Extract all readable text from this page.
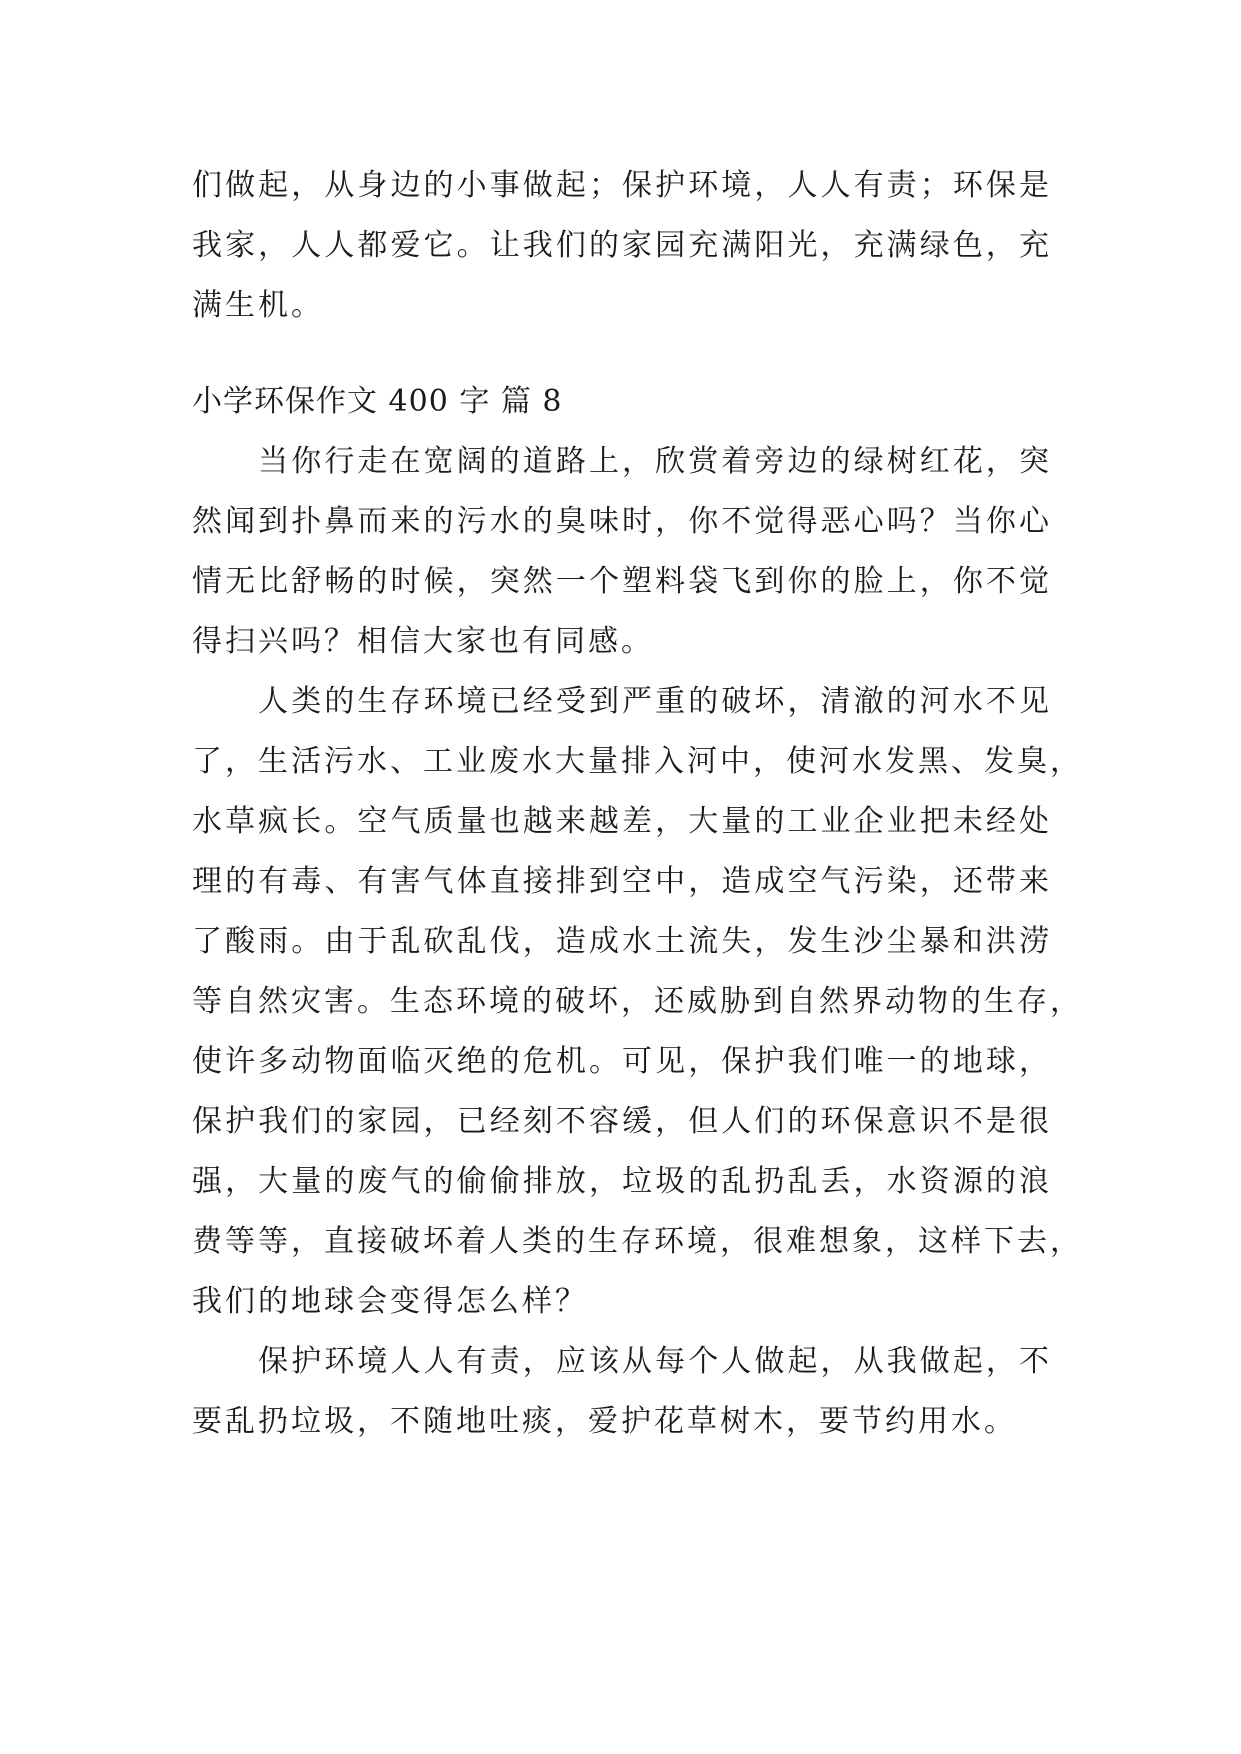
们做起，从身边的小事做起；保护环境，人人有责；环保是
我家，人人都爱它。让我们的家园充满阳光，充满绿色，充
满生机。
小学环保作文 400 字 篇 8
　　当你行走在宽阔的道路上，欣赏着旁边的绿树红花，突
然闻到扑鼻而来的污水的臭味时，你不觉得恶心吗？当你心
情无比舒畅的时候，突然一个塑料袋飞到你的脸上，你不觉
得扫兴吗？相信大家也有同感。
　　人类的生存环境已经受到严重的破坏，清澈的河水不见
了，生活污水、工业废水大量排入河中，使河水发黑、发臭，
水草疯长。空气质量也越来越差，大量的工业企业把未经处
理的有毒、有害气体直接排到空中，造成空气污染，还带来
了酸雨。由于乱砍乱伐，造成水土流失，发生沙尘暴和洪涝
等自然灾害。生态环境的破坏，还威胁到自然界动物的生存，
使许多动物面临灭绝的危机。可见，保护我们唯一的地球，
保护我们的家园，已经刻不容缓，但人们的环保意识不是很
强，大量的废气的偷偷排放，垃圾的乱扔乱丢，水资源的浪
费等等，直接破坏着人类的生存环境，很难想象，这样下去，
我们的地球会变得怎么样？
　　保护环境人人有责，应该从每个人做起，从我做起，不
要乱扔垃圾，不随地吐痰，爱护花草树木，要节约用水。
